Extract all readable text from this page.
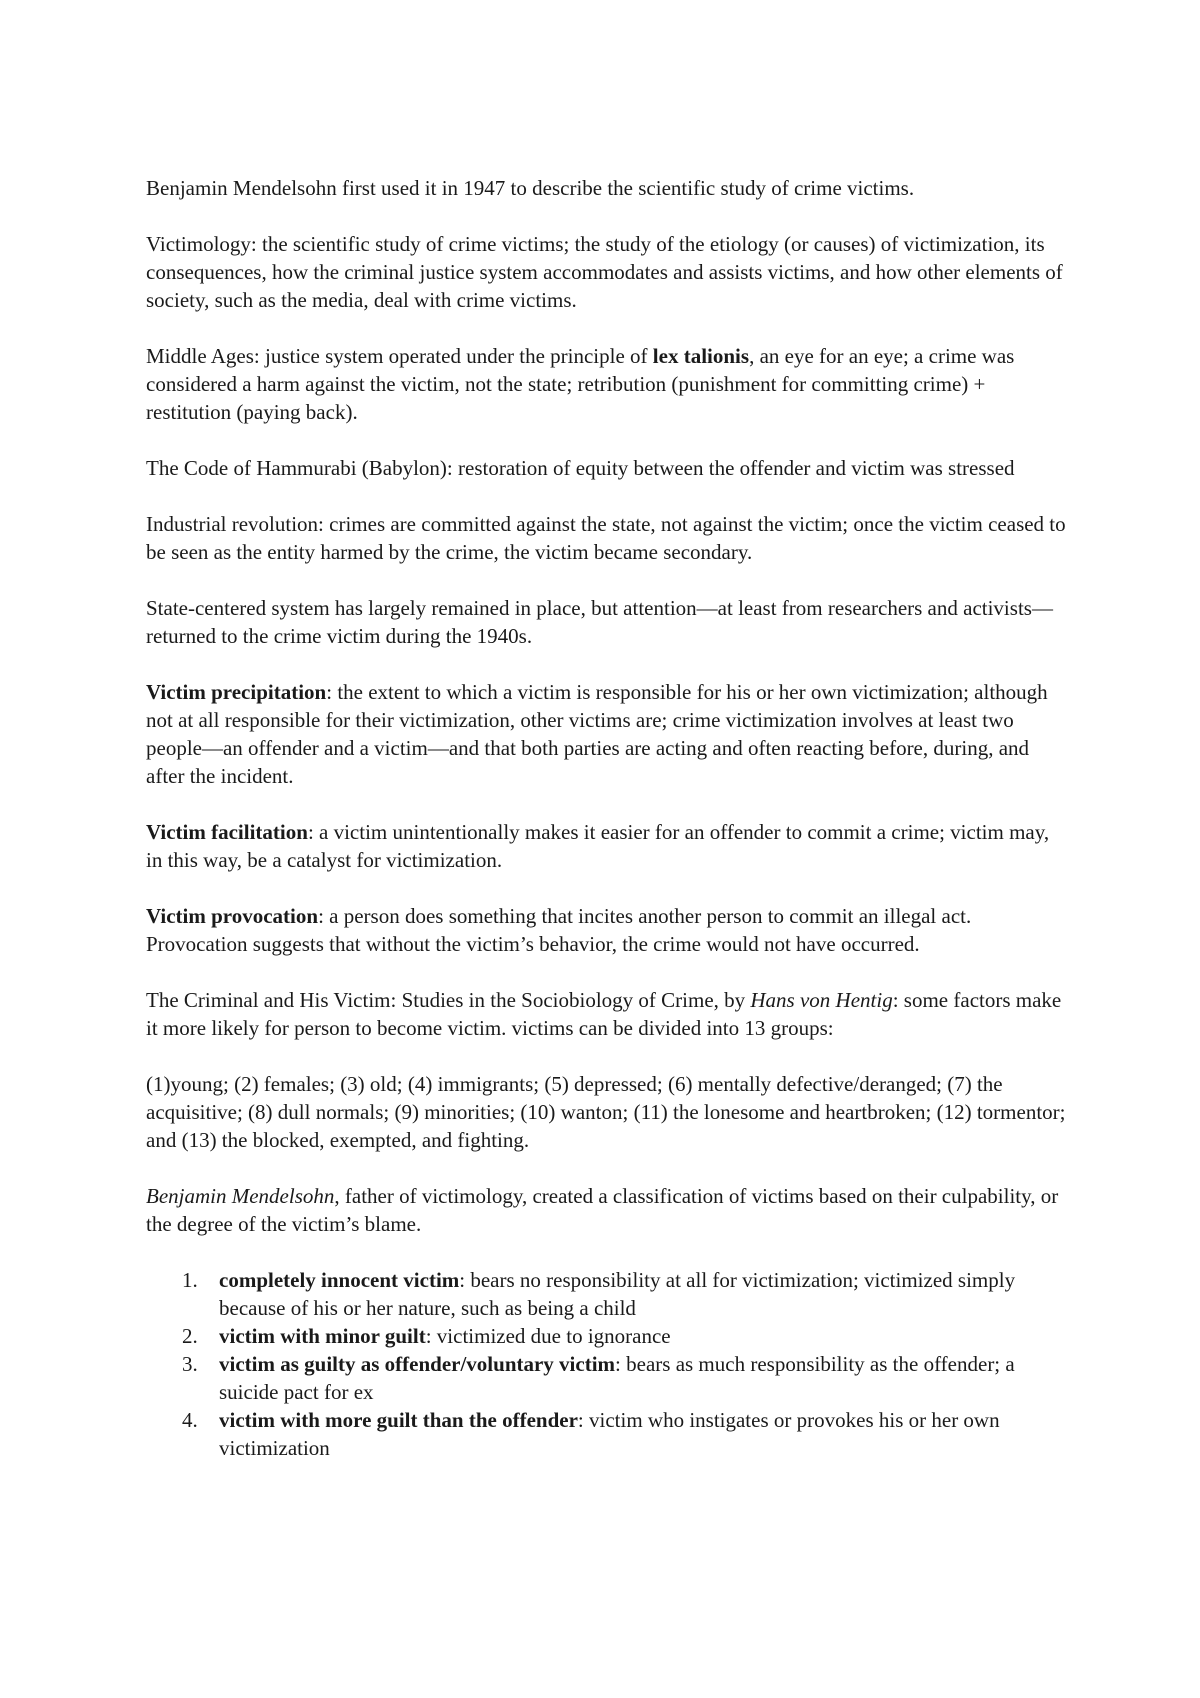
Benjamin Mendelsohn first used it in 1947 to describe the scientific study of crime victims.

Victimology: the scientific study of crime victims; the study of the etiology (or causes) of victimization, its consequences, how the criminal justice system accommodates and assists victims, and how other elements of society, such as the media, deal with crime victims.

Middle Ages: justice system operated under the principle of lex talionis, an eye for an eye; a crime was considered a harm against the victim, not the state; retribution (punishment for committing crime) + restitution (paying back).

The Code of Hammurabi (Babylon): restoration of equity between the offender and victim was stressed

Industrial revolution: crimes are committed against the state, not against the victim; once the victim ceased to be seen as the entity harmed by the crime, the victim became secondary.

State-centered system has largely remained in place, but attention—at least from researchers and activists—returned to the crime victim during the 1940s.

Victim precipitation: the extent to which a victim is responsible for his or her own victimization; although not at all responsible for their victimization, other victims are; crime victimization involves at least two people—an offender and a victim—and that both parties are acting and often reacting before, during, and after the incident.

Victim facilitation: a victim unintentionally makes it easier for an offender to commit a crime; victim may, in this way, be a catalyst for victimization.

Victim provocation: a person does something that incites another person to commit an illegal act. Provocation suggests that without the victim’s behavior, the crime would not have occurred.

The Criminal and His Victim: Studies in the Sociobiology of Crime, by Hans von Hentig: some factors make it more likely for person to become victim. victims can be divided into 13 groups:

(1)young; (2) females; (3) old; (4) immigrants; (5) depressed; (6) mentally defective/deranged; (7) the acquisitive; (8) dull normals; (9) minorities; (10) wanton; (11) the lonesome and heartbroken; (12) tormentor; and (13) the blocked, exempted, and fighting.

Benjamin Mendelsohn, father of victimology, created a classification of victims based on their culpability, or the degree of the victim’s blame.

1. completely innocent victim: bears no responsibility at all for victimization; victimized simply because of his or her nature, such as being a child
2. victim with minor guilt: victimized due to ignorance
3. victim as guilty as offender/voluntary victim: bears as much responsibility as the offender; a suicide pact for ex
4. victim with more guilt than the offender: victim who instigates or provokes his or her own victimization
